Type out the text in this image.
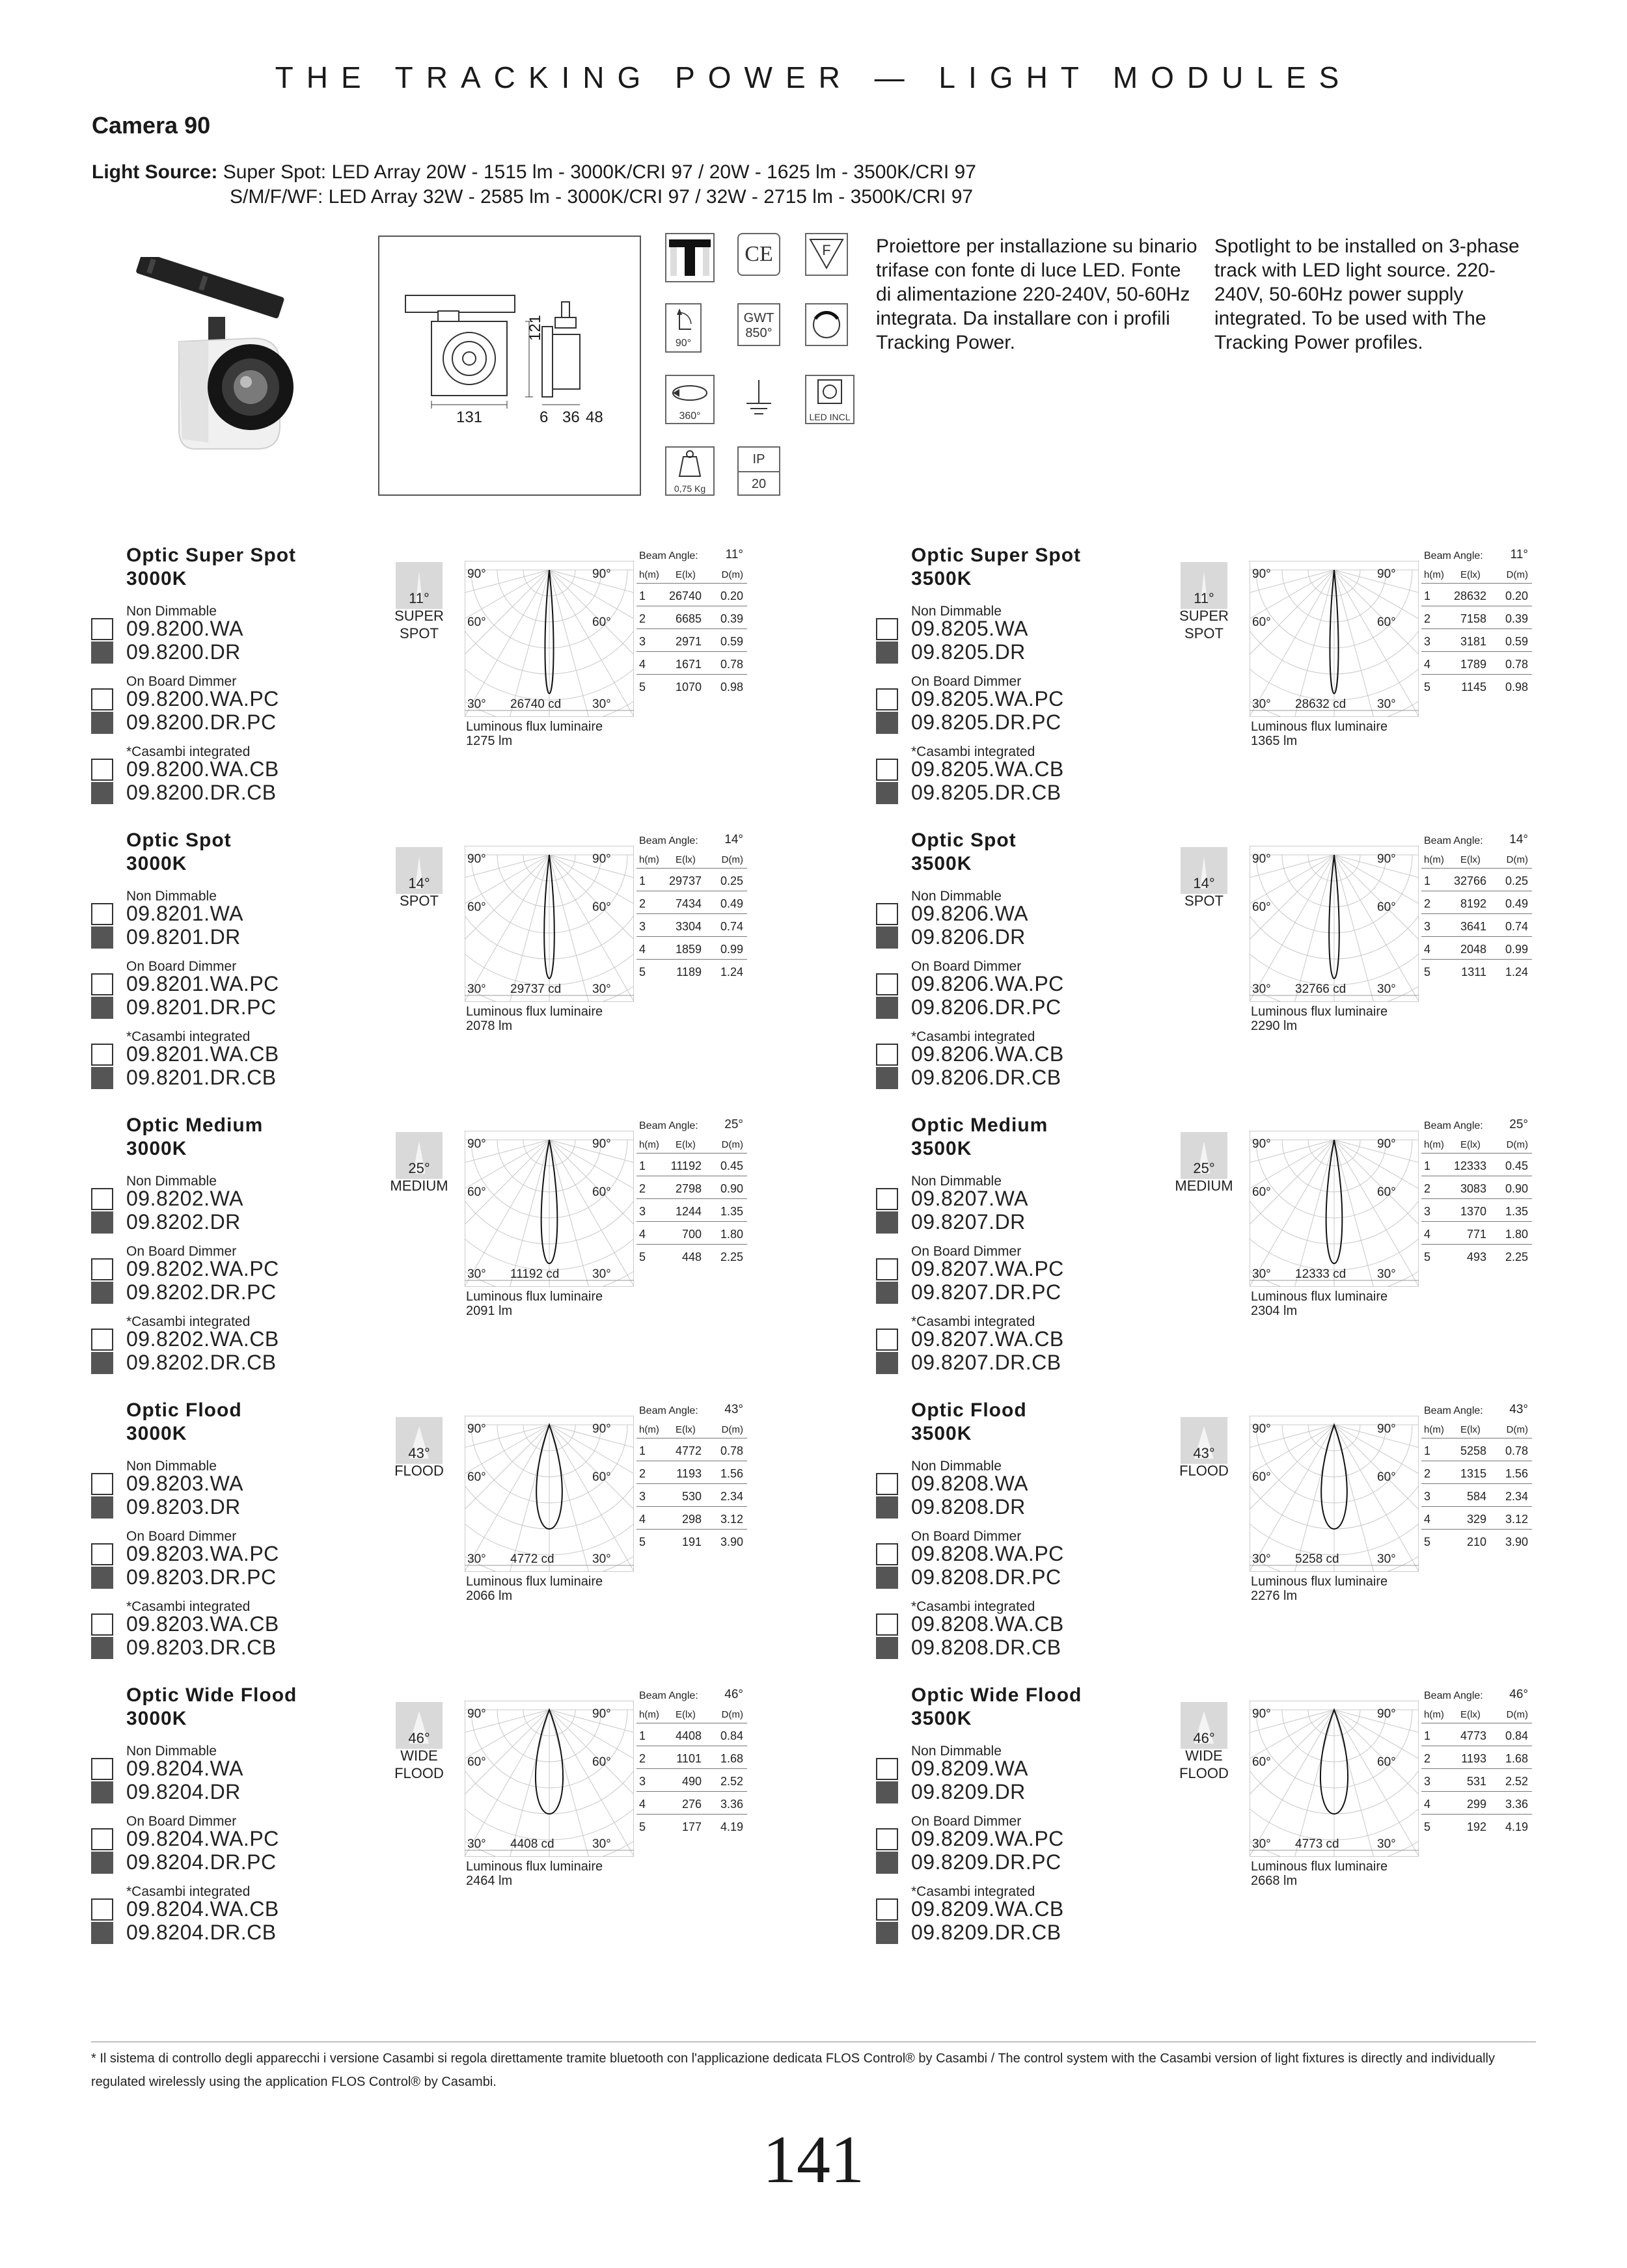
THE TRACKING POWER — LIGHT MODULES
Camera 90
Light Source: Super Spot: LED Array 20W - 1515 lm - 3000K/CRI 97 / 20W - 1625 lm - 3500K/CRI 97
S/M/F/WF: LED Array 32W - 2585 lm - 3000K/CRI 97 / 32W - 2715 lm - 3500K/CRI 97
131
121
6 36 48
CE	F
90°
GWT
850°
360°	LED INCL
0,75 Kg
IP
20
Proiettore per installazione su binario trifase con fonte di luce LED. Fonte di alimentazione 220-240V, 50-60Hz integrata. Da installare con i profili Tracking Power.
Spotlight to be installed on 3-phase track with LED light source. 220-240V, 50-60Hz power supply integrated. To be used with The Tracking Power profiles.
Optic Super Spot
3000K
Non Dimmable
On Board Dimmer
*Casambi integrated
09.8200.WA
09.8200.DR
09.8200.WA.PC
09.8200.DR.PC
09.8200.WA.CB
09.8200.DR.CB
11°
SUPER
SPOT
90°	90°
60°	60°
30°	30°
26740 cd
Luminous flux luminaire
1275 lm
Beam Angle: 11°
h(m) E(lx)	D(m)
1 26740 0.20
2	6685 0.39
3	2971 0.59
4	1671 0.78
5	1070 0.98
Optic Super Spot
3500K
Non Dimmable
On Board Dimmer
*Casambi integrated
09.8205.WA
09.8205.DR
09.8205.WA.PC
09.8205.DR.PC
09.8205.WA.CB
09.8205.DR.CB
11°
SUPER
SPOT
90°	90°
60°	60°
30°	30°
28632 cd
Luminous flux luminaire
1365 lm
Beam Angle: 11°
h(m) E(lx)	D(m)
1 28632 0.20
2	7158 0.39
3	3181 0.59
4	1789 0.78
5	1145 0.98
Optic Spot
3000K
Non Dimmable
On Board Dimmer
*Casambi integrated
09.8201.WA
09.8201.DR
09.8201.WA.PC
09.8201.DR.PC
09.8201.WA.CB
09.8201.DR.CB
14°
SPOT
90°	90°
60°	60°
30°	30°
29737 cd
Luminous flux luminaire
2078 lm
Beam Angle: 14°
h(m) E(lx)	D(m)
1 29737 0.25
2	7434 0.49
3	3304 0.74
4	1859 0.99
5	1189 1.24
Optic Spot
3500K
Non Dimmable
On Board Dimmer
*Casambi integrated
09.8206.WA
09.8206.DR
09.8206.WA.PC
09.8206.DR.PC
09.8206.WA.CB
09.8206.DR.CB
14°
SPOT
90°	90°
60°	60°
30°	30°
32766 cd
Luminous flux luminaire
2290 lm
Beam Angle: 14°
h(m) E(lx)	D(m)
1 32766 0.25
2	8192 0.49
3	3641 0.74
4	2048 0.99
5	1311 1.24
Optic Medium
3000K
Non Dimmable
On Board Dimmer
*Casambi integrated
09.8202.WA
09.8202.DR
09.8202.WA.PC
09.8202.DR.PC
09.8202.WA.CB
09.8202.DR.CB
25°
MEDIUM
90°	90°
60°	60°
30°	30°
11192 cd
Luminous flux luminaire
2091 lm
Beam Angle: 25°
h(m) E(lx)	D(m)
1 11192 0.45
2	2798 0.90
3	1244 1.35
4	700 1.80
5	448 2.25
Optic Medium
3500K
Non Dimmable
On Board Dimmer
*Casambi integrated
09.8207.WA
09.8207.DR
09.8207.WA.PC
09.8207.DR.PC
09.8207.WA.CB
09.8207.DR.CB
25°
MEDIUM
90°	90°
60°	60°
30°	30°
12333 cd
Luminous flux luminaire
2304 lm
Beam Angle: 25°
h(m) E(lx)	D(m)
1 12333 0.45
2	3083 0.90
3	1370 1.35
4	771 1.80
5	493 2.25
Optic Flood
3000K
Non Dimmable
On Board Dimmer
*Casambi integrated
09.8203.WA
09.8203.DR
09.8203.WA.PC
09.8203.DR.PC
09.8203.WA.CB
09.8203.DR.CB
43°
FLOOD
90°	90°
60°	60°
30°	30°
4772 cd
Luminous flux luminaire
2066 lm
Beam Angle: 43°
h(m) E(lx)	D(m)
1	4772 0.78
2	1193 1.56
3	530 2.34
4	298 3.12
5	191 3.90
Optic Flood
3500K
Non Dimmable
On Board Dimmer
*Casambi integrated
09.8208.WA
09.8208.DR
09.8208.WA.PC
09.8208.DR.PC
09.8208.WA.CB
09.8208.DR.CB
43°
FLOOD
90°	90°
60°	60°
30°	30°
5258 cd
Luminous flux luminaire
2276 lm
Beam Angle: 43°
h(m) E(lx)	D(m)
1	5258 0.78
2	1315 1.56
3	584 2.34
4	329 3.12
5	210 3.90
Optic Wide Flood
3000K
Non Dimmable
On Board Dimmer
*Casambi integrated
09.8204.WA
09.8204.DR
09.8204.WA.PC
09.8204.DR.PC
09.8204.WA.CB
09.8204.DR.CB
46°
WIDE
FLOOD
90°	90°
60°	60°
30°	30°
4408 cd
Luminous flux luminaire
2464 lm
Beam Angle: 46°
h(m) E(lx)	D(m)
1	4408 0.84
2	1101 1.68
3	490 2.52
4	276 3.36
5	177 4.19
Optic Wide Flood
3500K
Non Dimmable
On Board Dimmer
*Casambi integrated
09.8209.WA
09.8209.DR
09.8209.WA.PC
09.8209.DR.PC
09.8209.WA.CB
09.8209.DR.CB
46°
WIDE
FLOOD
90°	90°
60°	60°
30°	30°
4773 cd
Luminous flux luminaire
2668 lm
Beam Angle: 46°
h(m) E(lx)	D(m)
1	4773 0.84
2	1193 1.68
3	531 2.52
4	299 3.36
5	192 4.19
* Il sistema di controllo degli apparecchi i versione Casambi si regola direttamente tramite bluetooth con l'applicazione dedicata FLOS Control® by Casambi / The control system with the Casambi version of light fixtures is directly and individually regulated wirelessly using the application FLOS Control® by Casambi.
141
